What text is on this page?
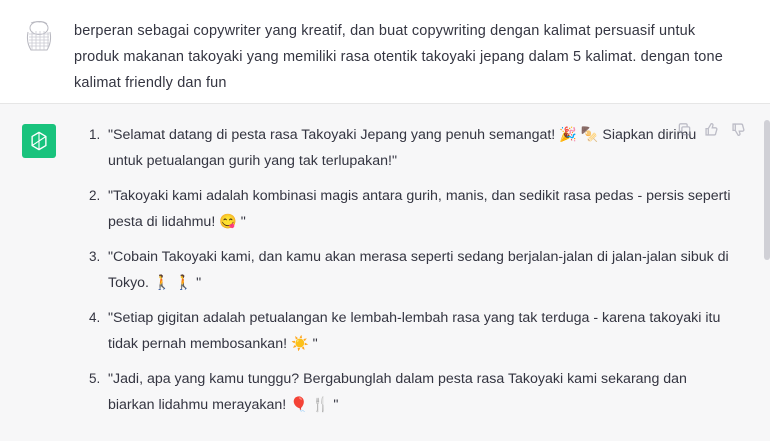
berperan sebagai copywriter yang kreatif, dan buat copywriting dengan kalimat persuasif untuk produk makanan takoyaki yang memiliki rasa otentik takoyaki jepang dalam 5 kalimat. dengan tone kalimat friendly dan fun
1. "Selamat datang di pesta rasa Takoyaki Jepang yang penuh semangat! 🎉 🍢 Siapkan dirimu untuk petualangan gurih yang tak terlupakan!"
2. "Takoyaki kami adalah kombinasi magis antara gurih, manis, dan sedikit rasa pedas - persis seperti pesta di lidahmu! 😋 "
3. "Cobain Takoyaki kami, dan kamu akan merasa seperti sedang berjalan-jalan di jalan-jalan sibuk di Tokyo. 🚶 🚶 "
4. "Setiap gigitan adalah petualangan ke lembah-lembah rasa yang tak terduga - karena takoyaki itu tidak pernah membosankan! ☀️ "
5. "Jadi, apa yang kamu tunggu? Bergabunglah dalam pesta rasa Takoyaki kami sekarang dan biarkan lidahmu merayakan! 🎈 🍴 "
